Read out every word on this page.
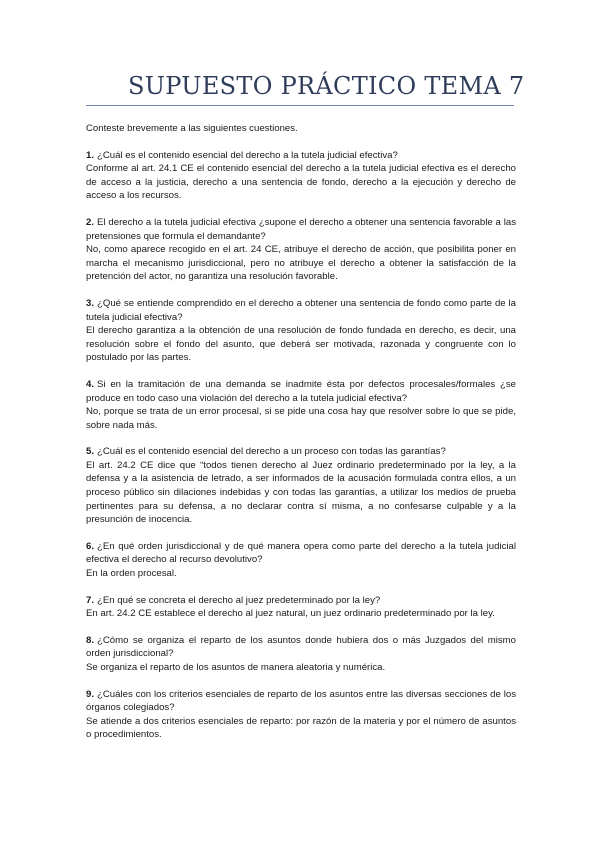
SUPUESTO PRÁCTICO TEMA 7

Conteste brevemente a las siguientes cuestiones.

1. ¿Cuál es el contenido esencial del derecho a la tutela judicial efectiva?

Conforme al art. 24.1 CE el contenido esencial del derecho a la tutela judicial efectiva es el derecho de acceso a la justicia, derecho a una sentencia de fondo, derecho a la ejecución y derecho de acceso a los recursos.

2. El derecho a la tutela judicial efectiva ¿supone el derecho a obtener una sentencia favorable a las pretensiones que formula el demandante?

No, como aparece recogido en el art. 24 CE, atribuye el derecho de acción, que posibilita poner en marcha el mecanismo jurisdiccional, pero no atribuye el derecho a obtener la satisfacción de la pretención del actor, no garantiza una resolución favorable.

3. ¿Qué se entiende comprendido en el derecho a obtener una sentencia de fondo como parte de la tutela judicial efectiva?

El derecho garantiza a la obtención de una resolución de fondo fundada en derecho, es decir, una resolución sobre el fondo del asunto, que deberá ser motivada, razonada y congruente con lo postulado por las partes.

4. Si en la tramitación de una demanda se inadmite ésta por defectos procesales/formales ¿se produce en todo caso una violación del derecho a la tutela judicial efectiva?

No, porque se trata de un error procesal, si se pide una cosa hay que resolver sobre lo que se pide, sobre nada más.

5. ¿Cuál es el contenido esencial del derecho a un proceso con todas las garantías?

El art. 24.2 CE dice que “todos tienen derecho al Juez ordinario predeterminado por la ley, a la defensa y a la asistencia de letrado, a ser informados de la acusación formulada contra ellos, a un proceso público sin dilaciones indebidas y con todas las garantías, a utilizar los medios de prueba pertinentes para su defensa, a no declarar contra sí misma, a no confesarse culpable y a la presunción de inocencia.

6. ¿En qué orden jurisdiccional y de qué manera opera como parte del derecho a la tutela judicial efectiva el derecho al recurso devolutivo?

En la orden procesal.

7. ¿En qué se concreta el derecho al juez predeterminado por la ley?

En art. 24.2 CE establece el derecho al juez natural, un juez ordinario predeterminado por la ley.

8. ¿Cómo se organiza el reparto de los asuntos donde hubiera dos o más Juzgados del mismo orden jurisdiccional?

Se organiza el reparto de los asuntos de manera aleatoria y numérica.

9. ¿Cuáles con los criterios esenciales de reparto de los asuntos entre las diversas secciones de los órganos colegiados?

Se atiende a dos criterios esenciales de reparto: por razón de la materia y por el número de asuntos o procedimientos.
